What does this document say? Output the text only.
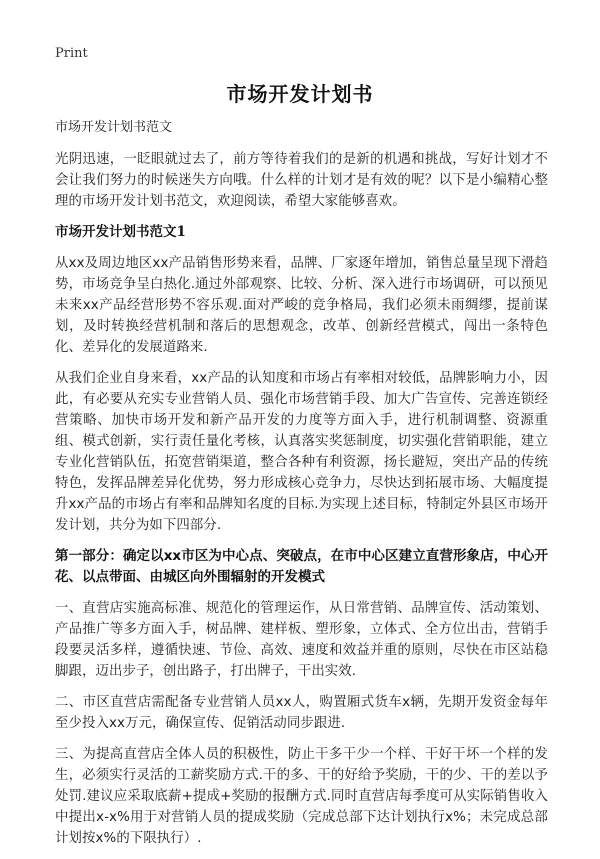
Print
市场开发计划书
市场开发计划书范文

光阴迅速，一眨眼就过去了，前方等待着我们的是新的机遇和挑战，写好计划才不会让我们努力的时候迷失方向哦。什么样的计划才是有效的呢？以下是小编精心整理的市场开发计划书范文，欢迎阅读，希望大家能够喜欢。

市场开发计划书范文1

从xx及周边地区xx产品销售形势来看，品牌、厂家逐年增加，销售总量呈现下滑趋势，市场竞争呈白热化.通过外部观察、比较、分析、深入进行市场调研，可以预见未来xx产品经营形势不容乐观.面对严峻的竞争格局，我们必须未雨绸缪，提前谋划，及时转换经营机制和落后的思想观念，改革、创新经营模式，闯出一条特色化、差异化的发展道路来.

从我们企业自身来看，xx产品的认知度和市场占有率相对较低，品牌影响力小，因此，有必要从充实专业营销人员、强化市场营销手段、加大广告宣传、完善连锁经营策略、加快市场开发和新产品开发的力度等方面入手，进行机制调整、资源重组、模式创新，实行责任量化考核，认真落实奖惩制度，切实强化营销职能，建立专业化营销队伍，拓宽营销渠道，整合各种有利资源，扬长避短，突出产品的传统特色，发挥品牌差异化优势，努力形成核心竞争力，尽快达到拓展市场、大幅度提升xx产品的市场占有率和品牌知名度的目标.为实现上述目标，特制定外县区市场开发计划，共分为如下四部分.

第一部分：确定以xx市区为中心点、突破点，在市中心区建立直营形象店，中心开花、以点带面、由城区向外围辐射的开发模式

一、直营店实施高标准、规范化的管理运作，从日常营销、品牌宣传、活动策划、产品推广等多方面入手，树品牌、建样板、塑形象，立体式、全方位出击，营销手段要灵活多样，遵循快速、节俭、高效、速度和效益并重的原则，尽快在市区站稳脚跟，迈出步子，创出路子，打出牌子，干出实效.

二、市区直营店需配备专业营销人员xx人，购置厢式货车x辆，先期开发资金每年至少投入xx万元，确保宣传、促销活动同步跟进.

三、为提高直营店全体人员的积极性，防止干多干少一个样、干好干坏一个样的发生，必须实行灵活的工薪奖励方式.干的多、干的好给予奖励，干的少、干的差以予处罚.建议应采取底薪+提成+奖励的报酬方式.同时直营店每季度可从实际销售收入中提出x-x%用于对营销人员的提成奖励（完成总部下达计划执行x%；未完成总部计划按x%的下限执行）.
